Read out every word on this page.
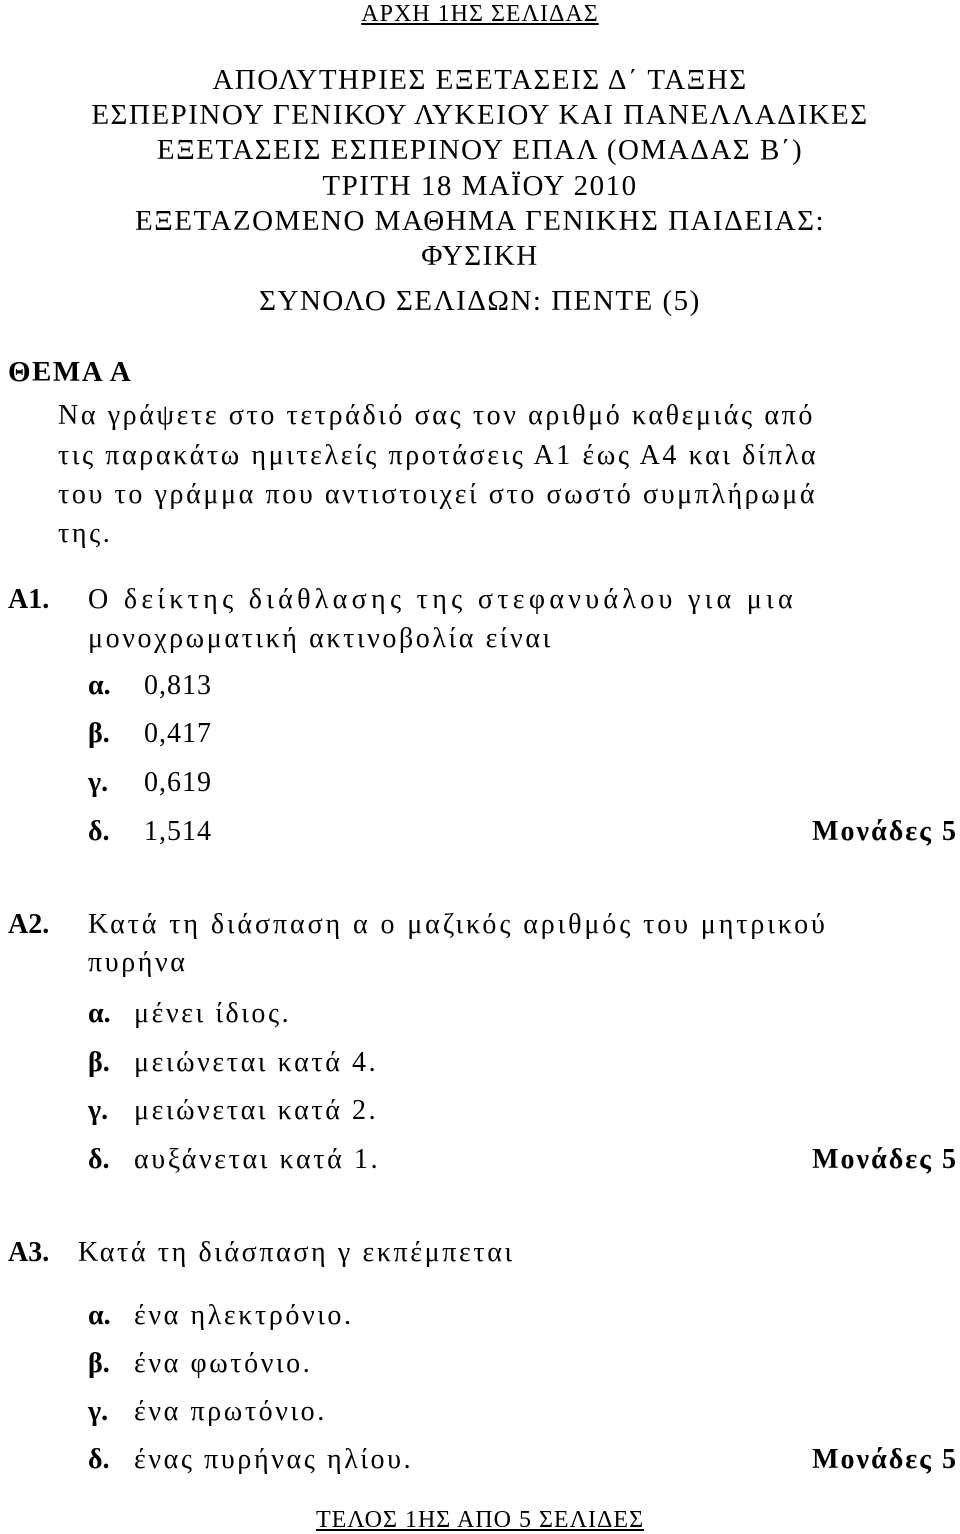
ΑΡΧΗ 1ΗΣ ΣΕΛΙΔΑΣ
ΑΠΟΛΥΤΗΡΙΕΣ ΕΞΕΤΑΣΕΙΣ Δ΄ ΤΑΞΗΣ
ΕΣΠΕΡΙΝΟΥ ΓΕΝΙΚΟΥ ΛΥΚΕΙΟΥ ΚΑΙ ΠΑΝΕΛΛΑΔΙΚΕΣ
ΕΞΕΤΑΣΕΙΣ ΕΣΠΕΡΙΝΟΥ ΕΠΑΛ (ΟΜΑΔΑΣ Β΄)
ΤΡΙΤΗ 18 ΜΑΪΟΥ 2010
ΕΞΕΤΑΖΟΜΕΝΟ ΜΑΘΗΜΑ ΓΕΝΙΚΗΣ ΠΑΙΔΕΙΑΣ:
ΦΥΣΙΚΗ
ΣΥΝΟΛΟ ΣΕΛΙΔΩΝ: ΠΕΝΤΕ (5)
ΘΕΜΑ Α
Να γράψετε στο τετράδιό σας τον αριθμό καθεμιάς από
τις παρακάτω ημιτελείς προτάσεις Α1 έως Α4 και δίπλα
του το γράμμα που αντιστοιχεί στο σωστό συμπλήρωμά
της.
Α1. Ο δείκτης διάθλασης της στεφανυάλου για μια
μονοχρωματική ακτινοβολία είναι
α. 0,813
β. 0,417
γ. 0,619
δ. 1,514	Μονάδες 5
Α2. Κατά τη διάσπαση α ο μαζικός αριθμός του μητρικού
πυρήνα
α. μένει ίδιος.
β. μειώνεται κατά 4.
γ. μειώνεται κατά 2.
δ. αυξάνεται κατά 1.	Μονάδες 5
Α3. Κατά τη διάσπαση γ εκπέμπεται
α. ένα ηλεκτρόνιο.
β. ένα φωτόνιο.
γ. ένα πρωτόνιο.
δ. ένας πυρήνας ηλίου.	Μονάδες 5
ΤΕΛΟΣ 1ΗΣ ΑΠΟ 5 ΣΕΛΙΔΕΣ
